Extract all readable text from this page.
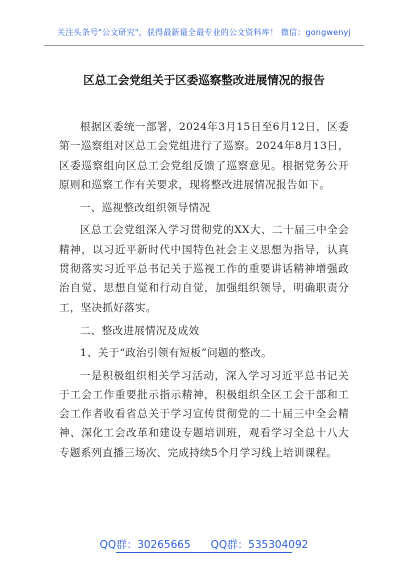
关注头条号"公文研究"，获得最新最全最专业的公文资料库！ 微信：gongwenyj
区总工会党组关于区委巡察整改进展情况的报告

根据区委统一部署，2024年3月15日至6月12日，区委第一巡察组对区总工会党组进行了巡察。2024年8月13日，区委巡察组向区总工会党组反馈了巡察意见。根据党务公开原则和巡察工作有关要求，现将整改进展情况报告如下。

一、巡视整改组织领导情况

区总工会党组深入学习贯彻党的XX大、二十届三中全会精神，以习近平新时代中国特色社会主义思想为指导，认真贯彻落实习近平总书记关于巡视工作的重要讲话精神增强政治自觉、思想自觉和行动自觉，加强组织领导，明确职责分工，坚决抓好落实。

二、整改进展情况及成效

1、关于“政治引领有短板”问题的整改。

一是积极组织相关学习活动，深入学习习近平总书记关于工会工作重要批示指示精神，积极组织全区工会干部和工会工作者收看省总关于学习宣传贯彻党的二十届三中全会精神、深化工会改革和建设专题培训班，观看学习全总十八大专题系列直播三场次、完成持续5个月学习线上培训课程。

QQ群：30265665 QQ群：535304092
